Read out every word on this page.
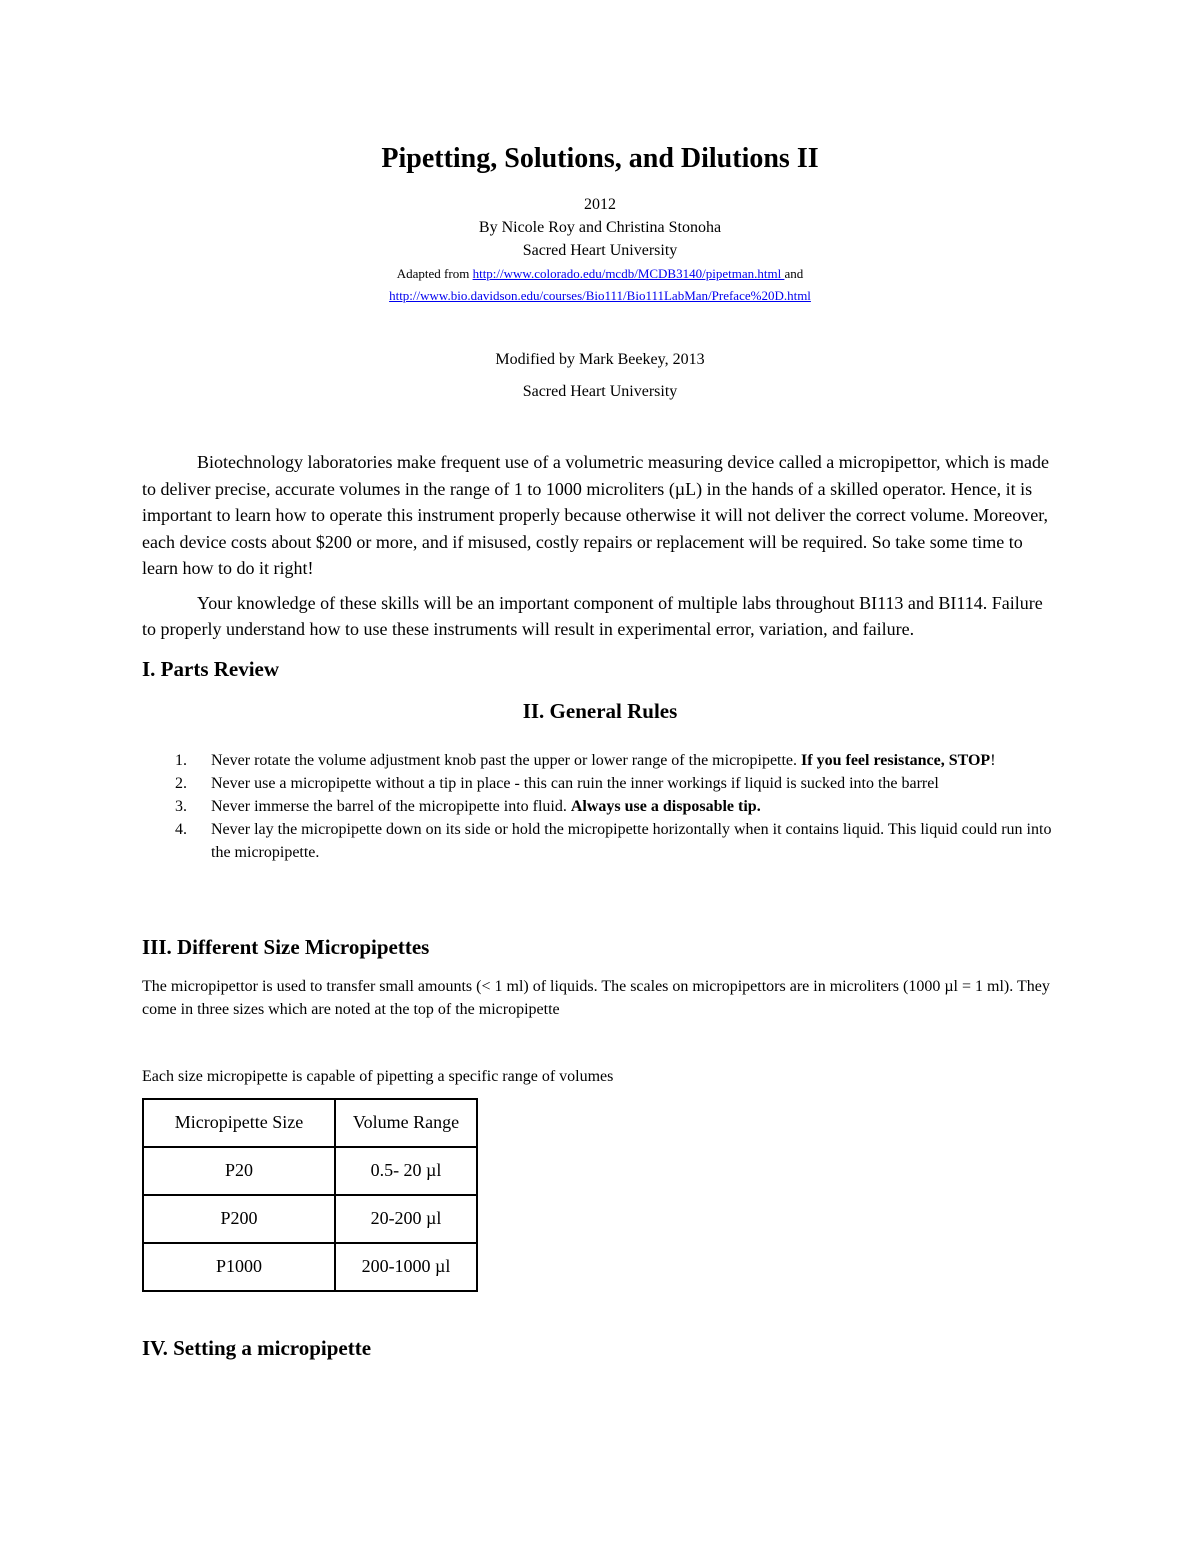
Pipetting, Solutions, and Dilutions II
2012
By Nicole Roy and Christina Stonoha
Sacred Heart University
Adapted from http://www.colorado.edu/mcdb/MCDB3140/pipetman.html and
http://www.bio.davidson.edu/courses/Bio111/Bio111LabMan/Preface%20D.html
Modified by Mark Beekey, 2013
Sacred Heart University

Biotechnology laboratories make frequent use of a volumetric measuring device called a micropipettor, which is made to deliver precise, accurate volumes in the range of 1 to 1000 microliters (µL) in the hands of a skilled operator. Hence, it is important to learn how to operate this instrument properly because otherwise it will not deliver the correct volume. Moreover, each device costs about $200 or more, and if misused, costly repairs or replacement will be required. So take some time to learn how to do it right!

Your knowledge of these skills will be an important component of multiple labs throughout BI113 and BI114. Failure to properly understand how to use these instruments will result in experimental error, variation, and failure.

I. Parts Review
II. General Rules
1.	Never rotate the volume adjustment knob past the upper or lower range of the micropipette. If you feel resistance, STOP!
2.	Never use a micropipette without a tip in place - this can ruin the inner workings if liquid is sucked into the barrel
3.	Never immerse the barrel of the micropipette into fluid. Always use a disposable tip.
4.	Never lay the micropipette down on its side or hold the micropipette horizontally when it contains liquid. This liquid could run into the micropipette.
III. Different Size Micropipettes

The micropipettor is used to transfer small amounts (< 1 ml) of liquids. The scales on micropipettors are in microliters (1000 µl = 1 ml). They come in three sizes which are noted at the top of the micropipette

Each size micropipette is capable of pipetting a specific range of volumes

Micropipette Size	Volume Range
P20	0.5- 20 µl
P200	20-200 µl
P1000	200-1000 µl
IV. Setting a micropipette
